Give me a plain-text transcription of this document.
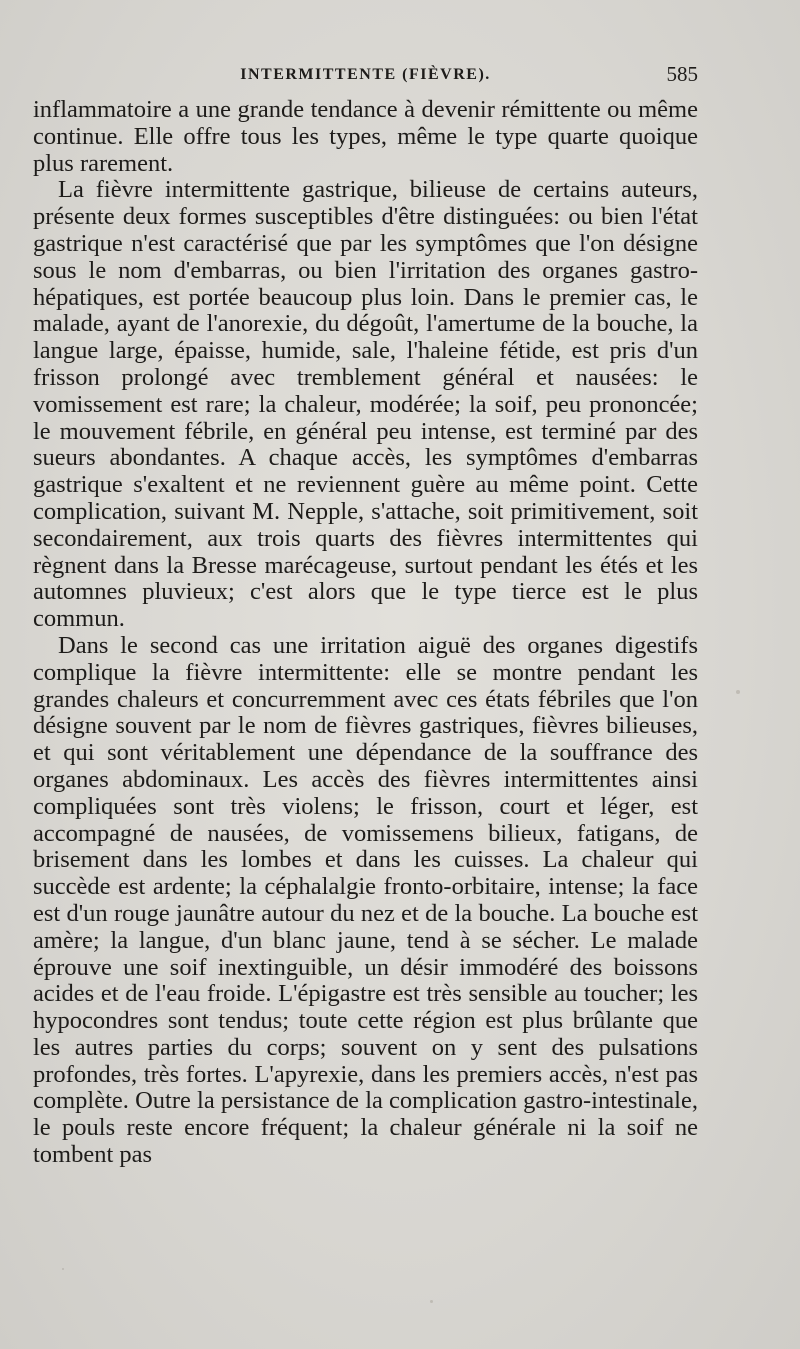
INTERMITTENTE (FIÈVRE).	585

inflammatoire a une grande tendance à devenir rémittente ou même continue. Elle offre tous les types, même le type quarte quoique plus rarement.

La fièvre intermittente gastrique, bilieuse de certains auteurs, présente deux formes susceptibles d'être distinguées: ou bien l'état gastrique n'est caractérisé que par les symptômes que l'on désigne sous le nom d'embarras, ou bien l'irritation des organes gastro-hépatiques, est portée beaucoup plus loin. Dans le premier cas, le malade, ayant de l'anorexie, du dégoût, l'amertume de la bouche, la langue large, épaisse, humide, sale, l'haleine fétide, est pris d'un frisson prolongé avec tremblement général et nausées: le vomissement est rare; la chaleur, modérée; la soif, peu prononcée; le mouvement fébrile, en général peu intense, est terminé par des sueurs abondantes. A chaque accès, les symptômes d'embarras gastrique s'exaltent et ne reviennent guère au même point. Cette complication, suivant M. Nepple, s'attache, soit primitivement, soit secondairement, aux trois quarts des fièvres intermittentes qui règnent dans la Bresse marécageuse, surtout pendant les étés et les automnes pluvieux; c'est alors que le type tierce est le plus commun.

Dans le second cas une irritation aiguë des organes digestifs complique la fièvre intermittente: elle se montre pendant les grandes chaleurs et concurremment avec ces états fébriles que l'on désigne souvent par le nom de fièvres gastriques, fièvres bilieuses, et qui sont véritablement une dépendance de la souffrance des organes abdominaux. Les accès des fièvres intermittentes ainsi compliquées sont très violens; le frisson, court et léger, est accompagné de nausées, de vomissemens bilieux, fatigans, de brisement dans les lombes et dans les cuisses. La chaleur qui succède est ardente; la céphalalgie fronto-orbitaire, intense; la face est d'un rouge jaunâtre autour du nez et de la bouche. La bouche est amère; la langue, d'un blanc jaune, tend à se sécher. Le malade éprouve une soif inextinguible, un désir immodéré des boissons acides et de l'eau froide. L'épigastre est très sensible au toucher; les hypocondres sont tendus; toute cette région est plus brûlante que les autres parties du corps; souvent on y sent des pulsations profondes, très fortes. L'apyrexie, dans les premiers accès, n'est pas complète. Outre la persistance de la complication gastro-intestinale, le pouls reste encore fréquent; la chaleur générale ni la soif ne tombent pas
